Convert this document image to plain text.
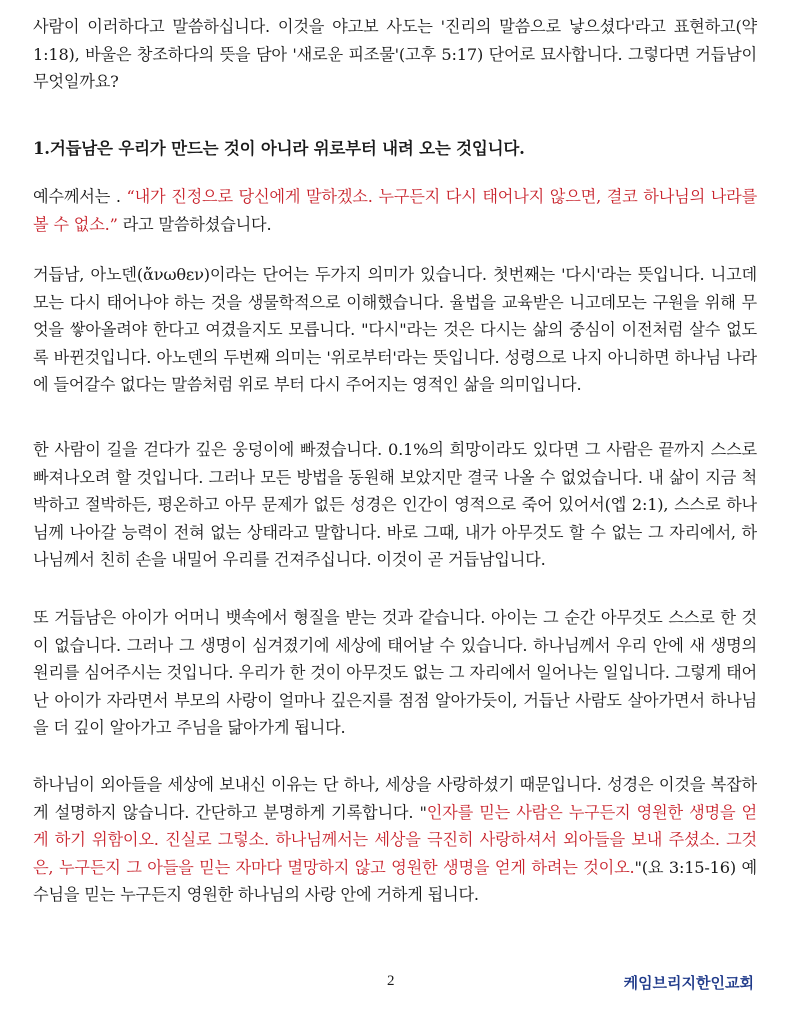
사람이 이러하다고 말씀하십니다. 이것을 야고보 사도는 '진리의 말씀으로 낳으셨다'라고 표현하고(약 1:18), 바울은 창조하다의 뜻을 담아 '새로운 피조물'(고후 5:17) 단어로 묘사합니다. 그렇다면 거듭남이 무엇일까요?

1.거듭남은 우리가 만드는 것이 아니라 위로부터 내려 오는 것입니다.

예수께서는 . “내가 진정으로 당신에게 말하겠소. 누구든지 다시 태어나지 않으면, 결코 하나님의 나라를 볼 수 없소.” 라고 말씀하셨습니다.

거듭남, 아노덴(ἄνωθεν)이라는 단어는 두가지 의미가 있습니다. 첫번째는 '다시'라는 뜻입니다. 니고데모는 다시 태어나야 하는 것을 생물학적으로 이해했습니다. 율법을 교육받은 니고데모는 구원을 위해 무엇을 쌓아올려야 한다고 여겼을지도 모릅니다. "다시"라는 것은 다시는 삶의 중심이 이전처럼 살수 없도록 바뀐것입니다. 아노덴의 두번째 의미는 '위로부터'라는 뜻입니다. 성령으로 나지 아니하면 하나님 나라에 들어갈수 없다는 말씀처럼 위로 부터 다시 주어지는 영적인 삶을 의미입니다.

한 사람이 길을 걷다가 깊은 웅덩이에 빠졌습니다. 0.1%의 희망이라도 있다면 그 사람은 끝까지 스스로 빠져나오려 할 것입니다. 그러나 모든 방법을 동원해 보았지만 결국 나올 수 없었습니다. 내 삶이 지금 척박하고 절박하든, 평온하고 아무 문제가 없든 성경은 인간이 영적으로 죽어 있어서(엡 2:1), 스스로 하나님께 나아갈 능력이 전혀 없는 상태라고 말합니다. 바로 그때, 내가 아무것도 할 수 없는 그 자리에서, 하나님께서 친히 손을 내밀어 우리를 건져주십니다. 이것이 곧 거듭남입니다.

또 거듭남은 아이가 어머니 뱃속에서 형질을 받는 것과 같습니다. 아이는 그 순간 아무것도 스스로 한 것이 없습니다. 그러나 그 생명이 심겨졌기에 세상에 태어날 수 있습니다. 하나님께서 우리 안에 새 생명의 원리를 심어주시는 것입니다. 우리가 한 것이 아무것도 없는 그 자리에서 일어나는 일입니다. 그렇게 태어난 아이가 자라면서 부모의 사랑이 얼마나 깊은지를 점점 알아가듯이, 거듭난 사람도 살아가면서 하나님을 더 깊이 알아가고 주님을 닮아가게 됩니다.

하나님이 외아들을 세상에 보내신 이유는 단 하나, 세상을 사랑하셨기 때문입니다. 성경은 이것을 복잡하게 설명하지 않습니다. 간단하고 분명하게 기록합니다. "인자를 믿는 사람은 누구든지 영원한 생명을 얻게 하기 위함이오. 진실로 그렇소. 하나님께서는 세상을 극진히 사랑하셔서 외아들을 보내 주셨소. 그것은, 누구든지 그 아들을 믿는 자마다 멸망하지 않고 영원한 생명을 얻게 하려는 것이오."(요 3:15-16) 예수님을 믿는 누구든지 영원한 하나님의 사랑 안에 거하게 됩니다.

2	케임브리지한인교회
